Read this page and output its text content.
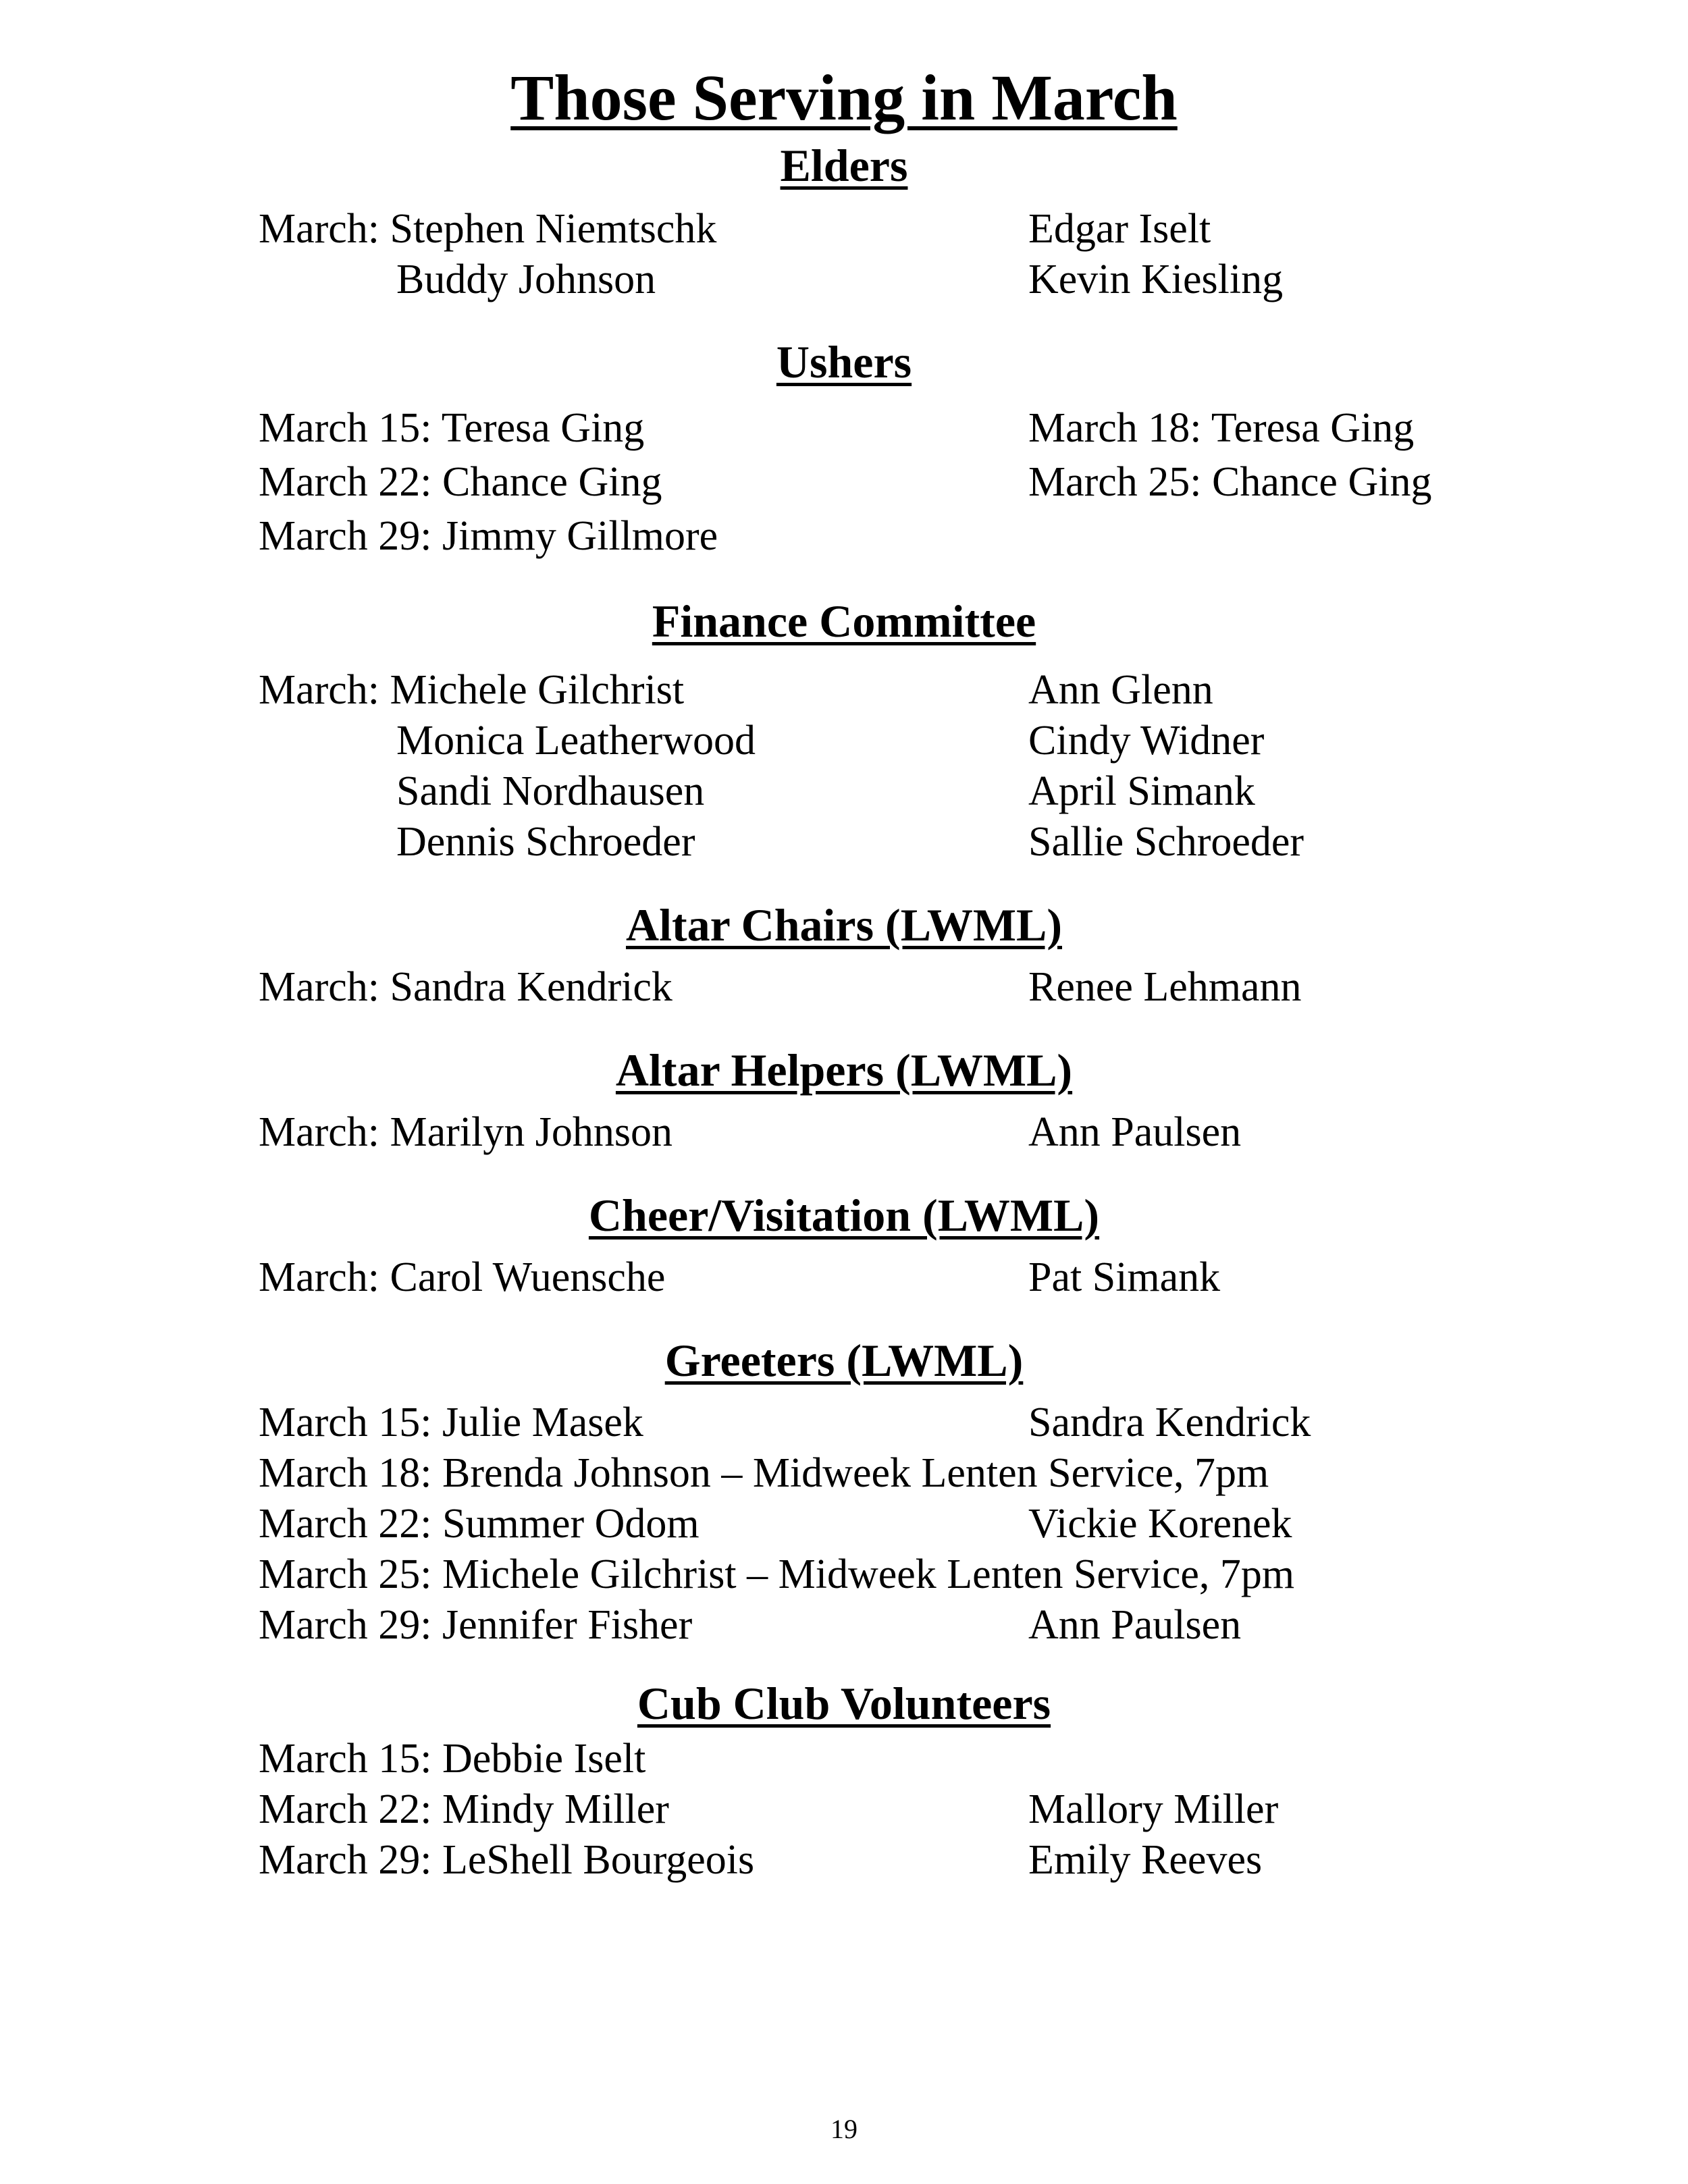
Those Serving in March
Elders
March: Stephen Niemtschk	Edgar Iselt
Buddy Johnson	Kevin Kiesling
Ushers
March 15: Teresa Ging	March 18: Teresa Ging
March 22: Chance Ging	March 25: Chance Ging
March 29: Jimmy Gillmore
Finance Committee
March: Michele Gilchrist	Ann Glenn
Monica Leatherwood	Cindy Widner
Sandi Nordhausen	April Simank
Dennis Schroeder	Sallie Schroeder
Altar Chairs (LWML)
March: Sandra Kendrick	Renee Lehmann
Altar Helpers (LWML)
March: Marilyn Johnson	Ann Paulsen
Cheer/Visitation (LWML)
March: Carol Wuensche	Pat Simank
Greeters (LWML)
March 15: Julie Masek	Sandra Kendrick
March 18: Brenda Johnson – Midweek Lenten Service, 7pm
March 22: Summer Odom	Vickie Korenek
March 25: Michele Gilchrist – Midweek Lenten Service, 7pm
March 29: Jennifer Fisher	Ann Paulsen
Cub Club Volunteers
March 15: Debbie Iselt
March 22: Mindy Miller	Mallory Miller
March 29: LeShell Bourgeois	Emily Reeves
19
